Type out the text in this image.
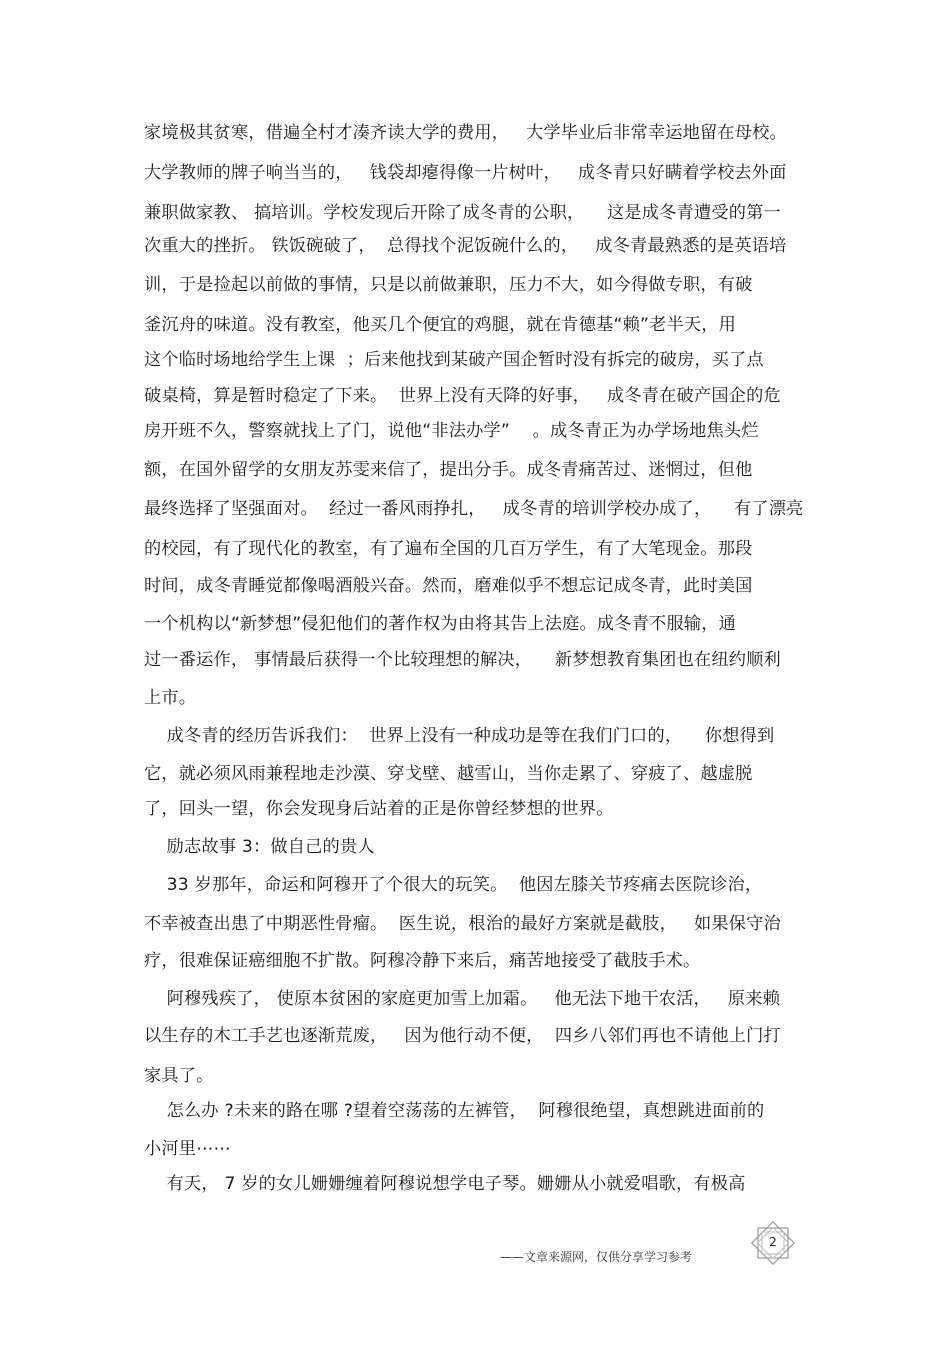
家境极其贫寒，借遍全村才凑齐读大学的费用，   大学毕业后非常幸运地留在母校。
大学教师的牌子响当当的，   钱袋却瘪得像一片树叶，   成冬青只好瞒着学校去外面
兼职做家教、 搞培训。学校发现后开除了成冬青的公职，    这是成冬青遭受的第一
次重大的挫折。 铁饭碗破了，  总得找个泥饭碗什么的，   成冬青最熟悉的是英语培
训，于是捡起以前做的事情，只是以前做兼职，压力不大，如今得做专职，有破
釜沉舟的味道。没有教室，他买几个便宜的鸡腿，就在肯德基“赖”老半天，用
这个临时场地给学生上课  ；后来他找到某破产国企暂时没有拆完的破房，买了点
破桌椅，算是暂时稳定了下来。  世界上没有天降的好事，   成冬青在破产国企的危
房开班不久，警察就找上了门，说他“非法办学”    。成冬青正为办学场地焦头烂
额，在国外留学的女朋友苏雯来信了，提出分手。成冬青痛苦过、迷惘过，但他
最终选择了坚强面对。  经过一番风雨挣扎，   成冬青的培训学校办成了，    有了漂亮
的校园，有了现代化的教室，有了遍布全国的几百万学生，有了大笔现金。那段
时间，成冬青睡觉都像喝酒般兴奋。然而，磨难似乎不想忘记成冬青，此时美国
一个机构以“新梦想”侵犯他们的著作权为由将其告上法庭。成冬青不服输，通
过一番运作， 事情最后获得一个比较理想的解决，    新梦想教育集团也在纽约顺利
上市。
成冬青的经历告诉我们：  世界上没有一种成功是等在我们门口的，    你想得到
它，就必须风雨兼程地走沙漠、穿戈壁、越雪山，当你走累了、穿疲了、越虚脱
了，回头一望，你会发现身后站着的正是你曾经梦想的世界。
励志故事 3：做自己的贵人
33 岁那年，命运和阿穆开了个很大的玩笑。  他因左膝关节疼痛去医院诊治，
不幸被查出患了中期恶性骨瘤。  医生说，根治的最好方案就是截肢，   如果保守治
疗，很难保证癌细胞不扩散。阿穆冷静下来后，痛苦地接受了截肢手术。
阿穆残疾了， 使原本贫困的家庭更加雪上加霜。   他无法下地干农活，   原来赖
以生存的木工手艺也逐渐荒废，   因为他行动不便，  四乡八邻们再也不请他上门打
家具了。
怎么办 ?未来的路在哪 ?望着空荡荡的左裤管，  阿穆很绝望，真想跳进面前的
小河里⋯⋯
有天， 7 岁的女儿姗姗缠着阿穆说想学电子琴。姗姗从小就爱唱歌，有极高
——文章来源网，仅供分享学习参考
2
